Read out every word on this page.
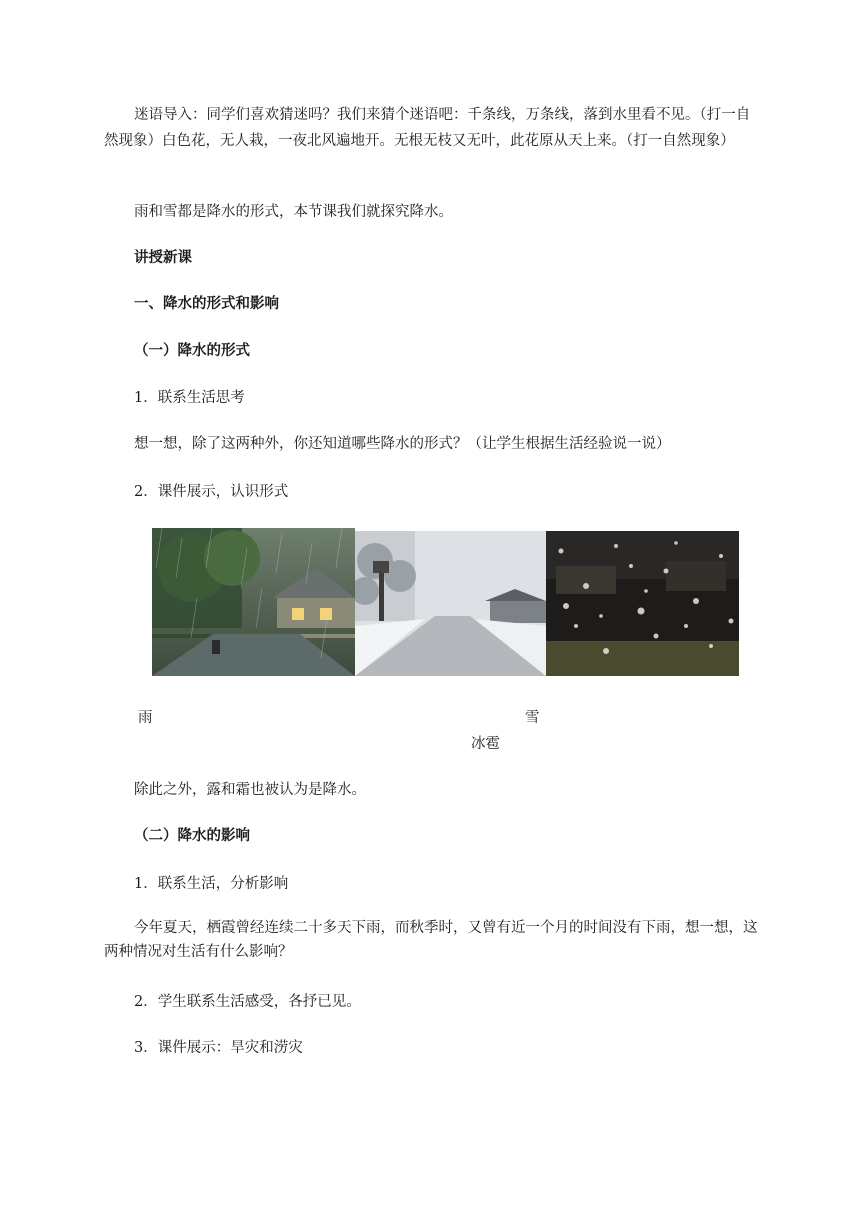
迷语导入：同学们喜欢猜迷吗？我们来猜个迷语吧：千条线，万条线，落到水里看不见。（打一自然现象）白色花，无人栽，一夜北风遍地开。无根无枝又无叶，此花原从天上来。（打一自然现象）
雨和雪都是降水的形式，本节课我们就探究降水。
讲授新课
一、降水的形式和影响
（一）降水的形式
1．联系生活思考
想一想，除了这两种外，你还知道哪些降水的形式？（让学生根据生活经验说一说）
2．课件展示，认识形式
雨	雪
冰雹
除此之外，露和霜也被认为是降水。
（二）降水的影响
1．联系生活，分析影响
今年夏天，栖霞曾经连续二十多天下雨，而秋季时，又曾有近一个月的时间没有下雨，想一想，这两种情况对生活有什么影响？
2．学生联系生活感受，各抒已见。
3．课件展示：旱灾和涝灾
